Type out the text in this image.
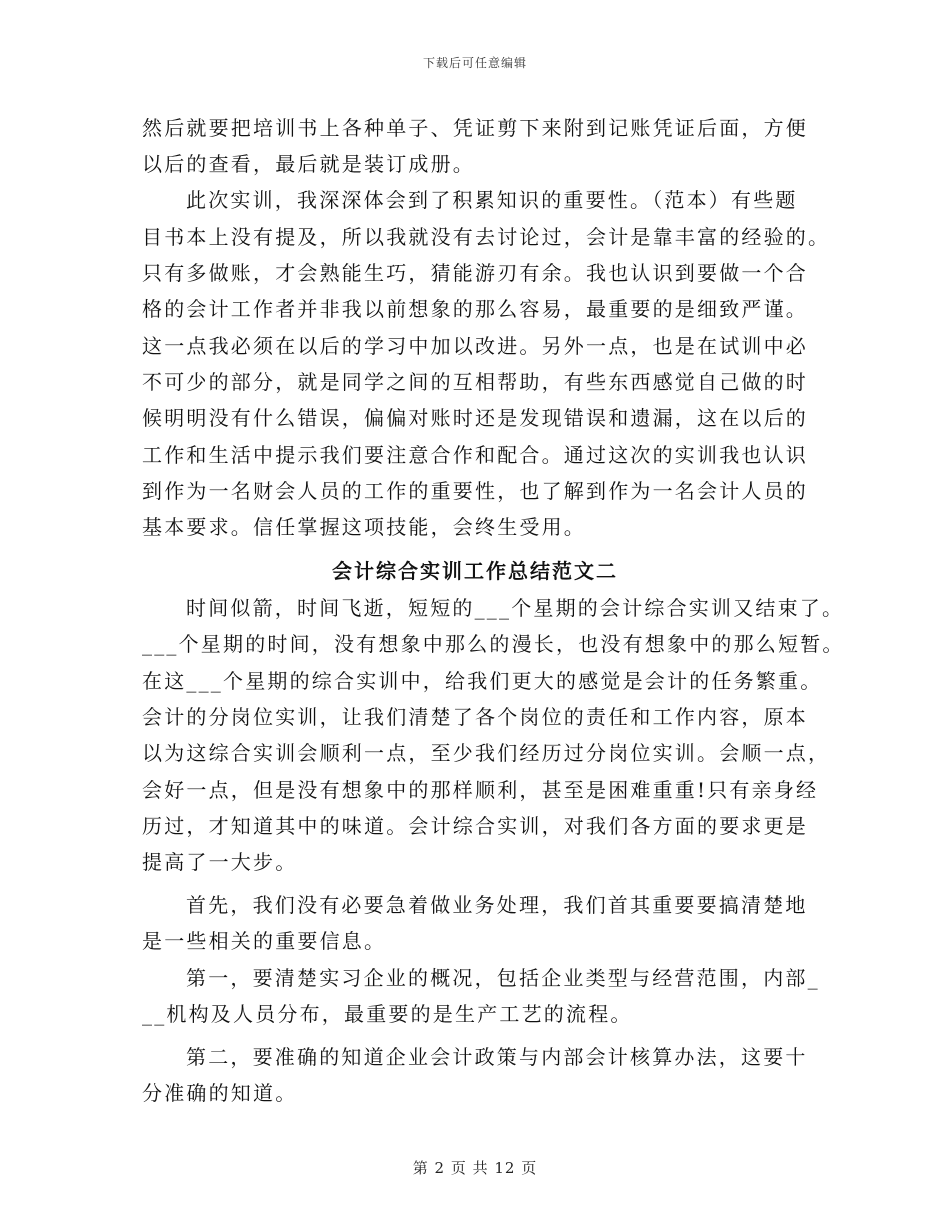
下载后可任意编辑
然后就要把培训书上各种单子、凭证剪下来附到记账凭证后面，方便
以后的查看，最后就是装订成册。
此次实训，我深深体会到了积累知识的重要性。（范本）有些题
目书本上没有提及，所以我就没有去讨论过，会计是靠丰富的经验的。
只有多做账，才会熟能生巧，猜能游刃有余。我也认识到要做一个合
格的会计工作者并非我以前想象的那么容易，最重要的是细致严谨。
这一点我必须在以后的学习中加以改进。另外一点，也是在试训中必
不可少的部分，就是同学之间的互相帮助，有些东西感觉自己做的时
候明明没有什么错误，偏偏对账时还是发现错误和遗漏，这在以后的
工作和生活中提示我们要注意合作和配合。通过这次的实训我也认识
到作为一名财会人员的工作的重要性，也了解到作为一名会计人员的
基本要求。信任掌握这项技能，会终生受用。
会计综合实训工作总结范文二
时间似箭，时间飞逝，短短的___个星期的会计综合实训又结束了。
___个星期的时间，没有想象中那么的漫长，也没有想象中的那么短暂。
在这___个星期的综合实训中，给我们更大的感觉是会计的任务繁重。
会计的分岗位实训，让我们清楚了各个岗位的责任和工作内容，原本
以为这综合实训会顺利一点，至少我们经历过分岗位实训。会顺一点，
会好一点，但是没有想象中的那样顺利，甚至是困难重重!只有亲身经
历过，才知道其中的味道。会计综合实训，对我们各方面的要求更是
提高了一大步。
首先，我们没有必要急着做业务处理，我们首其重要要搞清楚地
是一些相关的重要信息。
第一，要清楚实习企业的概况，包括企业类型与经营范围，内部_
__机构及人员分布，最重要的是生产工艺的流程。
第二，要准确的知道企业会计政策与内部会计核算办法，这要十
分准确的知道。
第 2 页 共 12 页
